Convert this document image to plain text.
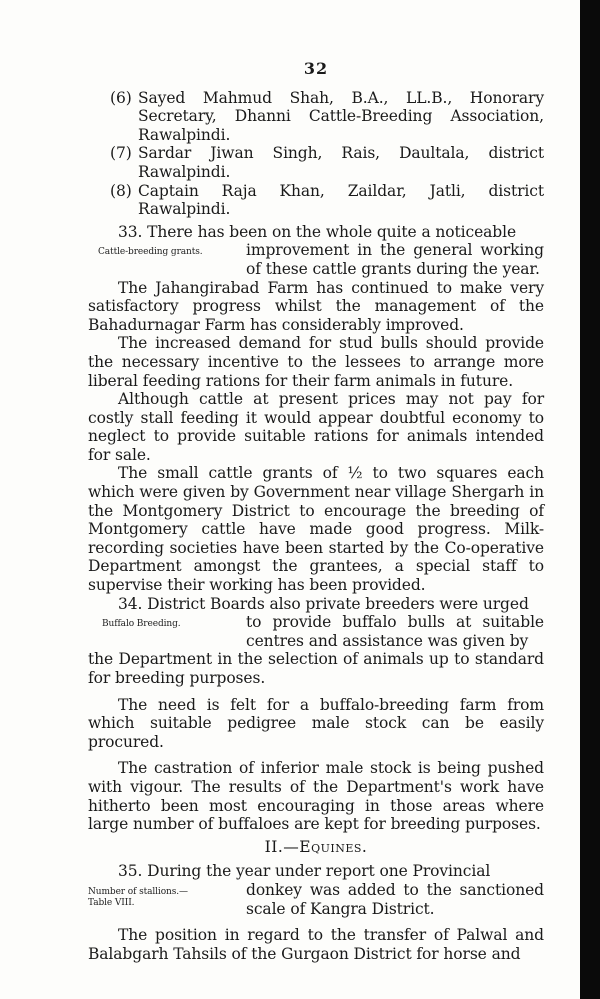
32
(6) Sayed Mahmud Shah, B.A., LL.B., Honorary Secretary, Dhanni Cattle-Breeding Association, Rawalpindi.
(7) Sardar Jiwan Singh, Rais, Daultala, district Rawalpindi.
(8) Captain Raja Khan, Zaildar, Jatli, district Rawalpindi.

33. There has been on the whole quite a noticeable

Cattle-breeding grants.	improvement in the general working of these cattle grants during the year.

The Jahangirabad Farm has continued to make very satisfactory progress whilst the management of the Bahadurnagar Farm has considerably improved.

The increased demand for stud bulls should provide the necessary incentive to the lessees to arrange more liberal feeding rations for their farm animals in future.

Although cattle at present prices may not pay for costly stall feeding it would appear doubtful economy to neglect to provide suitable rations for animals intended for sale.

The small cattle grants of ½ to two squares each which were given by Government near village Shergarh in the Montgomery District to encourage the breeding of Montgomery cattle have made good progress. Milk-recording societies have been started by the Co-operative Department amongst the grantees, a special staff to supervise their working has been provided.

34. District Boards also private breeders were urged

Buffalo Breeding.	to provide buffalo bulls at suitable centres and assistance was given by
the Department in the selection of animals up to standard for breeding purposes.

The need is felt for a buffalo-breeding farm from which suitable pedigree male stock can be easily procured.

The castration of inferior male stock is being pushed with vigour. The results of the Department's work have hitherto been most encouraging in those areas where large number of buffaloes are kept for breeding purposes.

II.—Equines.

35. During the year under report one Provincial

Number of stallions.—
Table VIII.
donkey was added to the sanctioned scale of Kangra District.

The position in regard to the transfer of Palwal and Balabgarh Tahsils of the Gurgaon District for horse and
